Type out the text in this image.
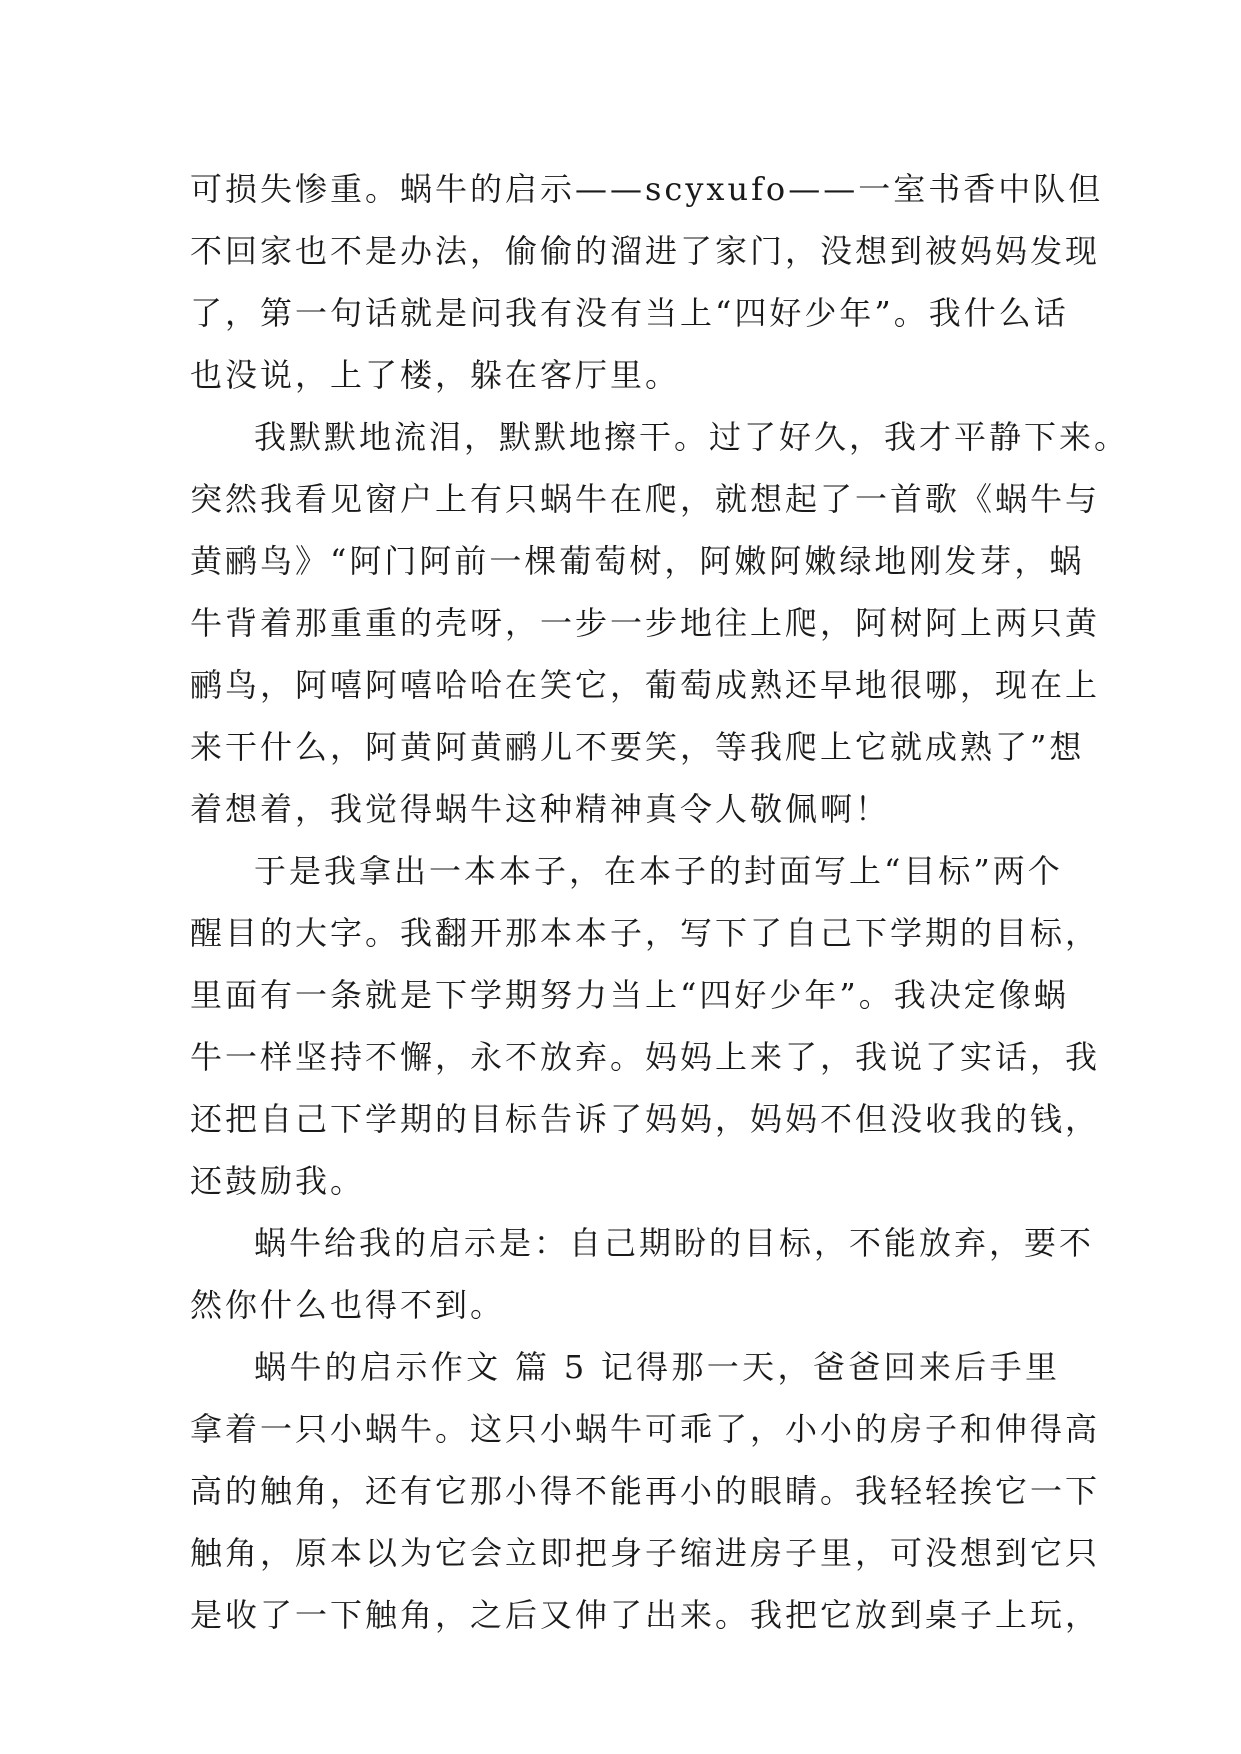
可损失惨重。蜗牛的启示——scyxufo——一室书香中队但
不回家也不是办法，偷偷的溜进了家门，没想到被妈妈发现
了，第一句话就是问我有没有当上“四好少年”。我什么话
也没说，上了楼，躲在客厅里。
我默默地流泪，默默地擦干。过了好久，我才平静下来。
突然我看见窗户上有只蜗牛在爬，就想起了一首歌《蜗牛与
黄鹂鸟》“阿门阿前一棵葡萄树，阿嫩阿嫩绿地刚发芽，蜗
牛背着那重重的壳呀，一步一步地往上爬，阿树阿上两只黄
鹂鸟，阿嘻阿嘻哈哈在笑它，葡萄成熟还早地很哪，现在上
来干什么，阿黄阿黄鹂儿不要笑，等我爬上它就成熟了”想
着想着，我觉得蜗牛这种精神真令人敬佩啊！
于是我拿出一本本子，在本子的封面写上“目标”两个
醒目的大字。我翻开那本本子，写下了自己下学期的目标，
里面有一条就是下学期努力当上“四好少年”。我决定像蜗
牛一样坚持不懈，永不放弃。妈妈上来了，我说了实话，我
还把自己下学期的目标告诉了妈妈，妈妈不但没收我的钱，
还鼓励我。
蜗牛给我的启示是：自己期盼的目标，不能放弃，要不
然你什么也得不到。
蜗牛的启示作文 篇 5 记得那一天，爸爸回来后手里
拿着一只小蜗牛。这只小蜗牛可乖了，小小的房子和伸得高
高的触角，还有它那小得不能再小的眼睛。我轻轻挨它一下
触角，原本以为它会立即把身子缩进房子里，可没想到它只
是收了一下触角，之后又伸了出来。我把它放到桌子上玩，
